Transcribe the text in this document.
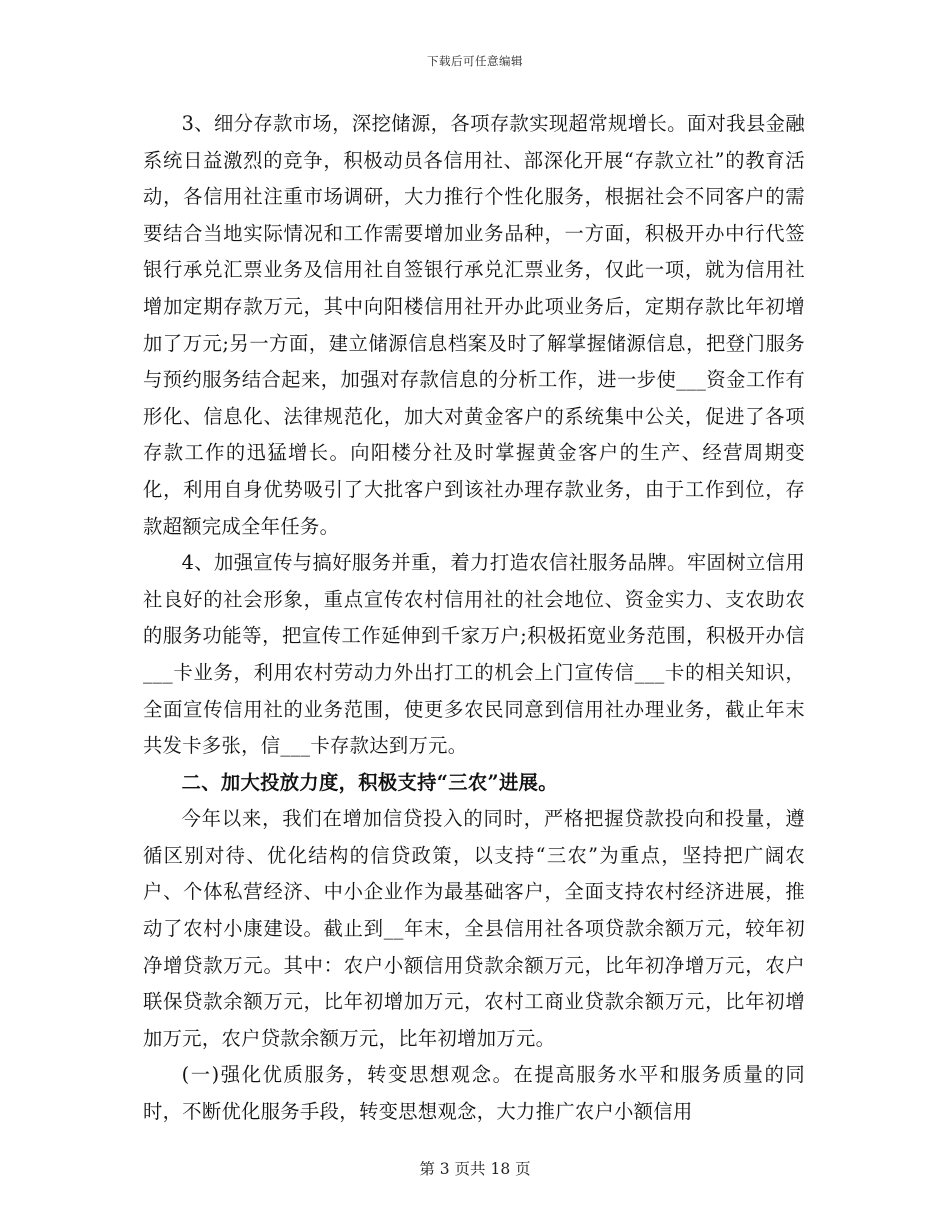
下载后可任意编辑

3、细分存款市场，深挖储源，各项存款实现超常规增长。面对我县金融系统日益激烈的竞争，积极动员各信用社、部深化开展“存款立社”的教育活动，各信用社注重市场调研，大力推行个性化服务，根据社会不同客户的需要结合当地实际情况和工作需要增加业务品种，一方面，积极开办中行代签银行承兑汇票业务及信用社自签银行承兑汇票业务，仅此一项，就为信用社增加定期存款万元，其中向阳楼信用社开办此项业务后，定期存款比年初增加了万元;另一方面，建立储源信息档案及时了解掌握储源信息，把登门服务与预约服务结合起来，加强对存款信息的分析工作，进一步使___资金工作有形化、信息化、法律规范化，加大对黄金客户的系统集中公关，促进了各项存款工作的迅猛增长。向阳楼分社及时掌握黄金客户的生产、经营周期变化，利用自身优势吸引了大批客户到该社办理存款业务，由于工作到位，存款超额完成全年任务。

4、加强宣传与搞好服务并重，着力打造农信社服务品牌。牢固树立信用社良好的社会形象，重点宣传农村信用社的社会地位、资金实力、支农助农的服务功能等，把宣传工作延伸到千家万户;积极拓宽业务范围，积极开办信___卡业务，利用农村劳动力外出打工的机会上门宣传信___卡的相关知识，全面宣传信用社的业务范围，使更多农民同意到信用社办理业务，截止年末共发卡多张，信___卡存款达到万元。

二、加大投放力度，积极支持“三农”进展。

今年以来，我们在增加信贷投入的同时，严格把握贷款投向和投量，遵循区别对待、优化结构的信贷政策，以支持“三农”为重点，坚持把广阔农户、个体私营经济、中小企业作为最基础客户，全面支持农村经济进展，推动了农村小康建设。截止到__年末，全县信用社各项贷款余额万元，较年初净增贷款万元。其中：农户小额信用贷款余额万元，比年初净增万元，农户联保贷款余额万元，比年初增加万元，农村工商业贷款余额万元，比年初增加万元，农户贷款余额万元，比年初增加万元。

(一)强化优质服务，转变思想观念。在提高服务水平和服务质量的同时，不断优化服务手段，转变思想观念，大力推广农户小额信用

第 3 页共 18 页
